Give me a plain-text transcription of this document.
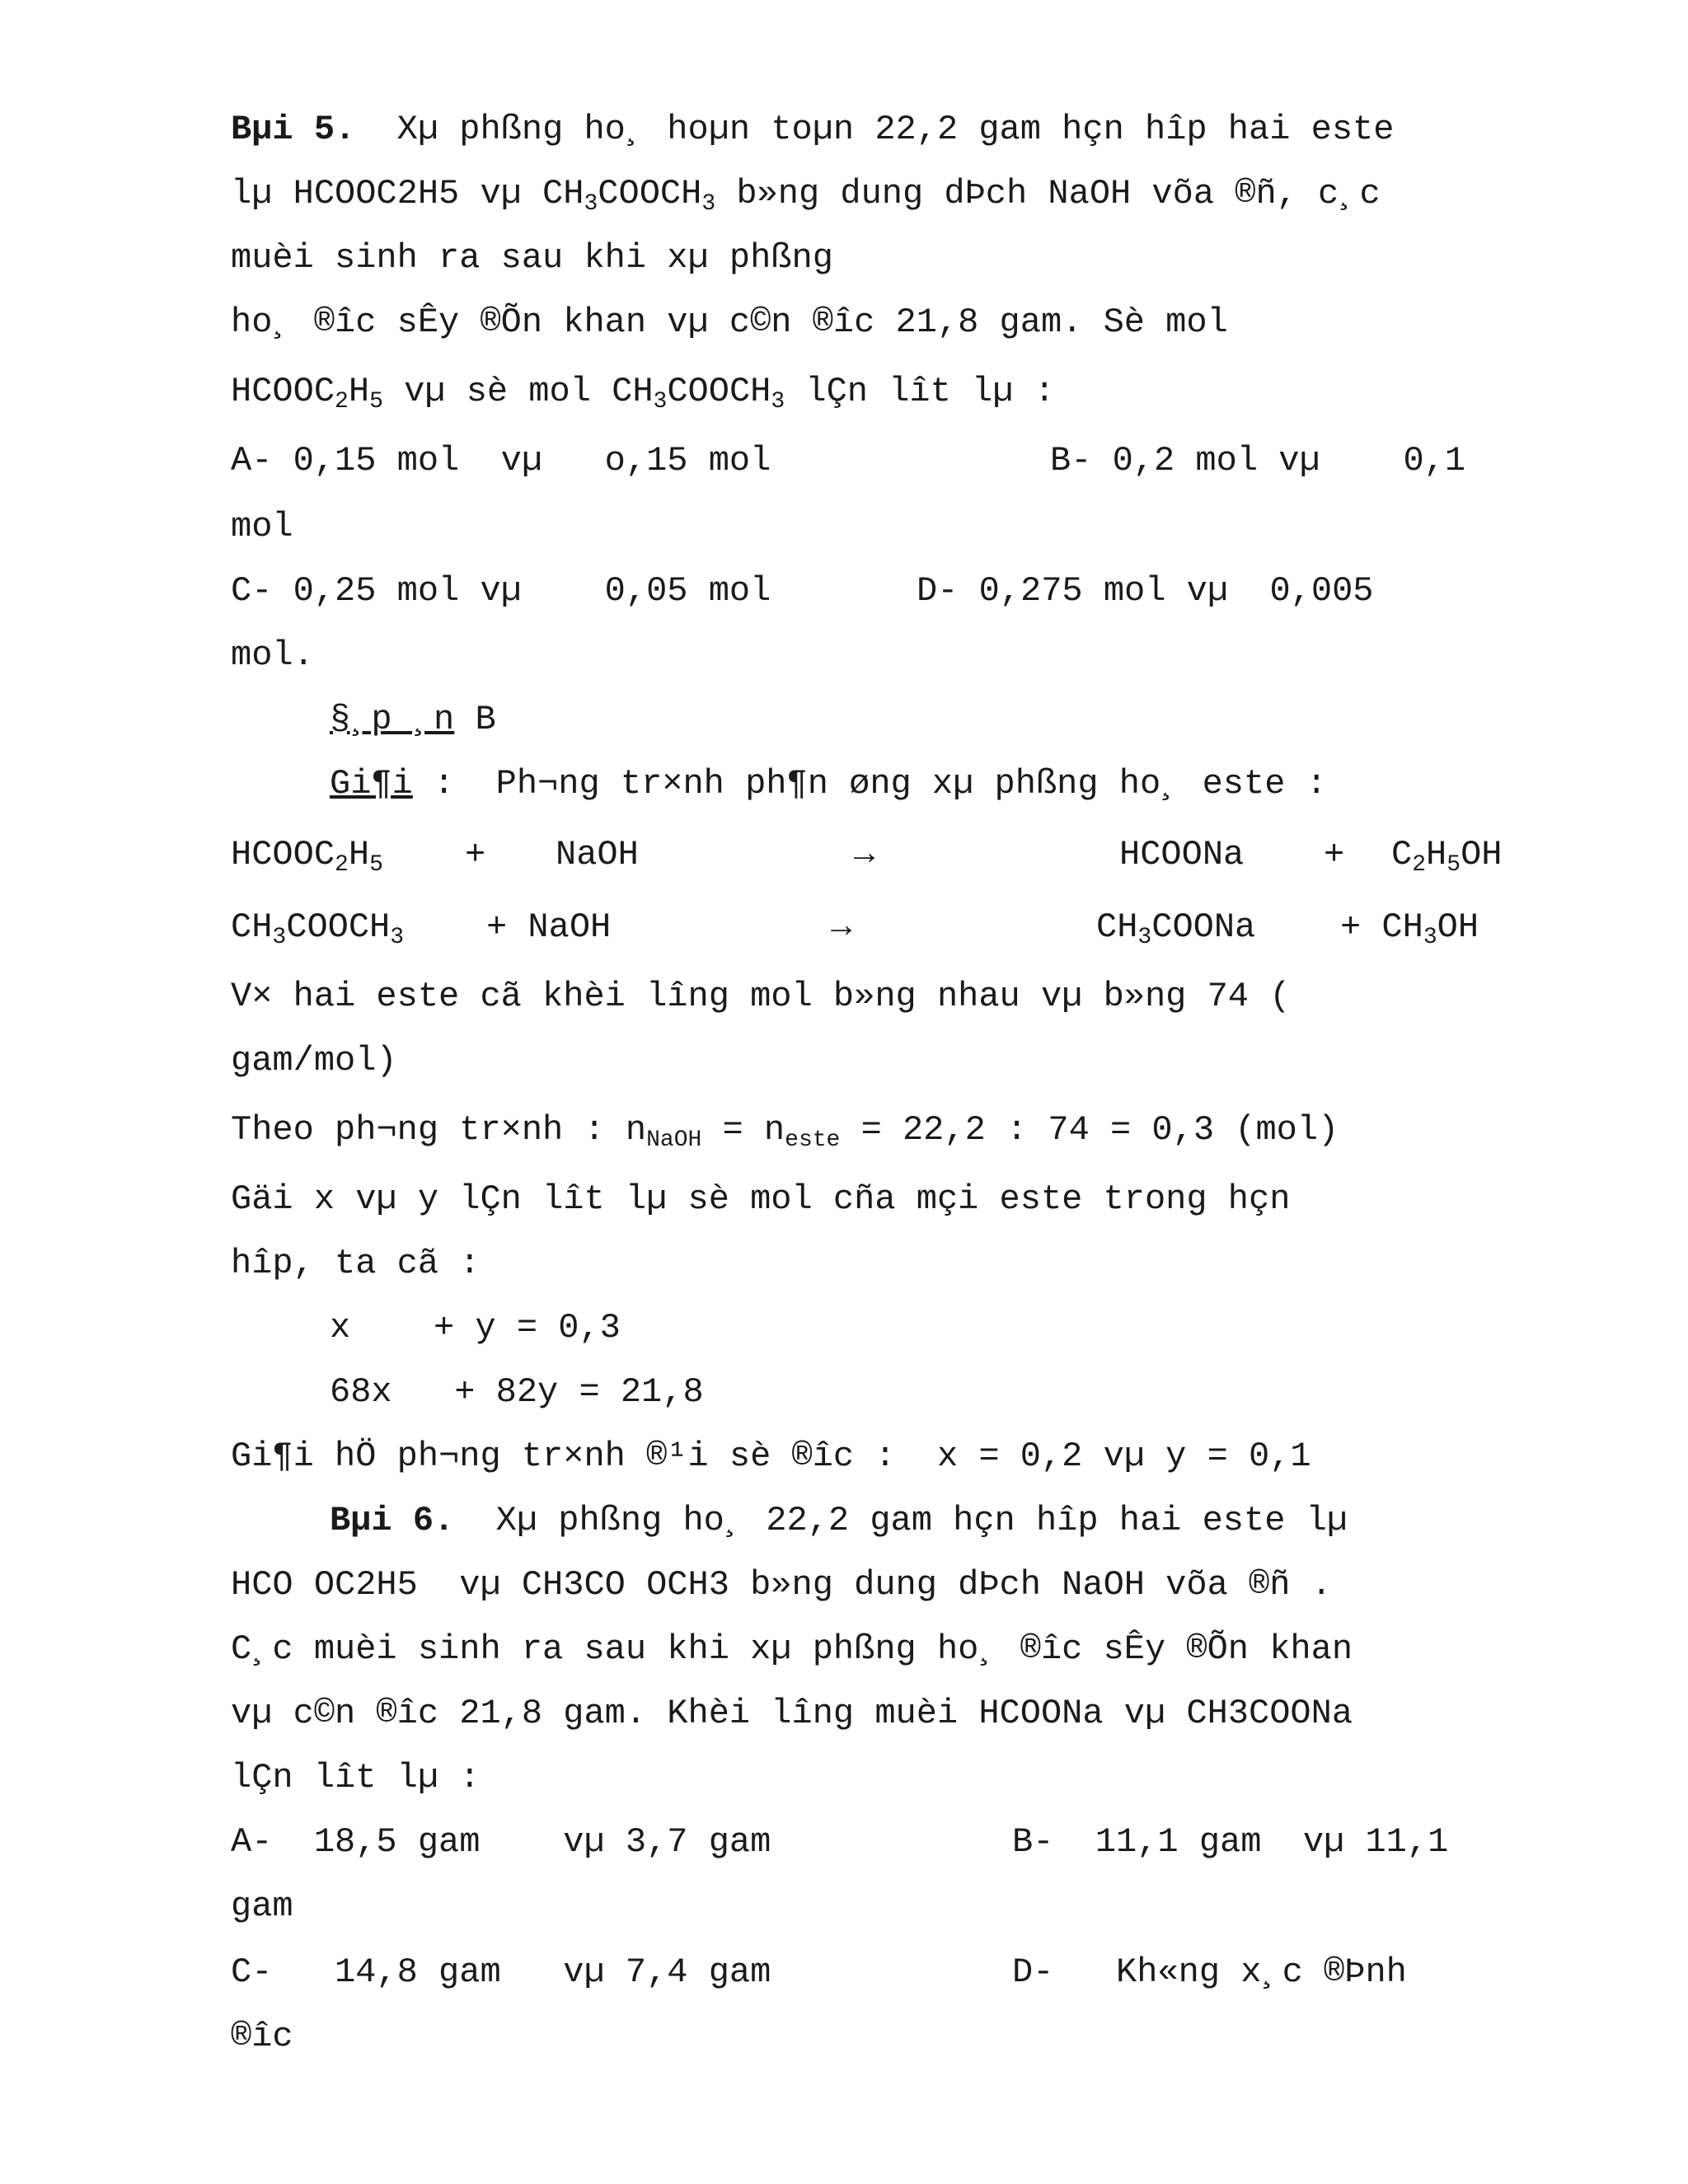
Bµi 5.  Xµ phßng ho¸ hoµn toµn 22,2 gam hçn hîp hai este
lµ HCOOC2H5 vµ $CH_3COOCH_3$ b»ng dung dÞch NaOH võa ®ñ, c¸c
muèi sinh ra sau khi xµ phßng
ho¸ ®îc sÊy ®Õn khan vµ c©n ®îc 21,8 gam. Sè mol
$HCOOC_2H_5$ vµ sè mol $CH_3COOCH_3$ lÇn lît lµ :
A- 0,15 mol  vµ   o,15 mol	B- 0,2 mol vµ    0,1
mol
C- 0,25 mol vµ    0,05 mol	D- 0,275 mol vµ  0,005
mol.
§¸p ¸n B
Gi¶i :  Ph¬ng tr×nh ph¶n øng xµ phßng ho¸ este :
$HCOOC_2H_5$ + NaOH	→	HCOONa + $C_2H_5OH$
$CH_3COOCH_3$ + NaOH	→	$CH_3COONa + CH_3OH$
V× hai este cã khèi lîng mol b»ng nhau vµ b»ng 74 (
gam/mol)
Theo ph¬ng tr×nh : $n_{NaOH} = n_{este} = 22,2$ : 74 = 0,3 (mol)
Gäi x vµ y lÇn lît lµ sè mol cña mçi este trong hçn
hîp, ta cã :
x    + y = 0,3
68x   + 82y = 21,8
Gi¶i hÖ ph¬ng tr×nh ®¹i sè ®îc :  x = 0,2 vµ y = 0,1
Bµi 6.  Xµ phßng ho¸ 22,2 gam hçn hîp hai este lµ
HCO OC2H5  vµ CH3CO OCH3 b»ng dung dÞch NaOH võa ®ñ .
C¸c muèi sinh ra sau khi xµ phßng ho¸ ®îc sÊy ®Õn khan
vµ c©n ®îc 21,8 gam. Khèi lîng muèi HCOONa vµ CH3COONa
lÇn lît lµ :
A-  18,5 gam    vµ 3,7 gam	B-  11,1 gam  vµ 11,1
gam
C-   14,8 gam   vµ 7,4 gam	D-   Kh«ng x¸c ®Þnh
®îc
